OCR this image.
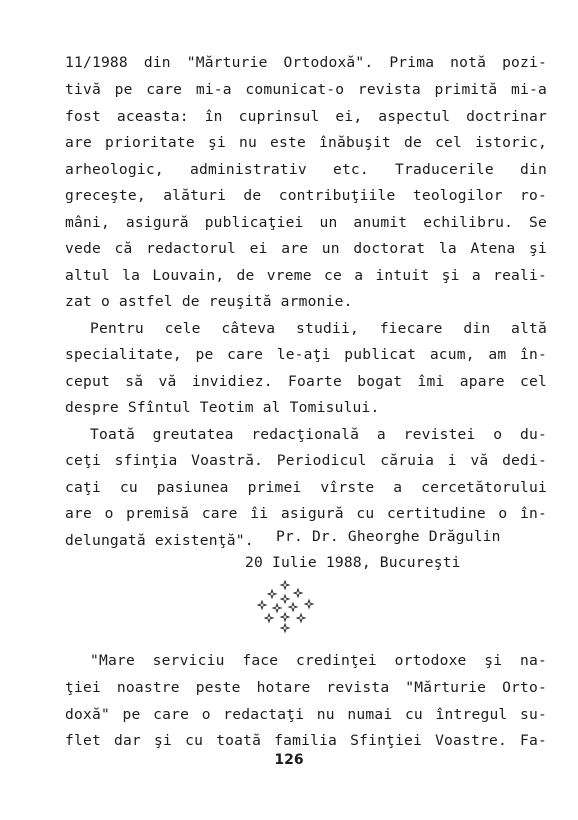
11/1988 din "Mărturie Ortodoxă". Prima notă pozi-
tivă pe care mi-a comunicat-o revista primită mi-a
fost aceasta: în cuprinsul ei, aspectul doctrinar
are prioritate şi nu este înăbuşit de cel istoric,
arheologic, administrativ etc. Traducerile din
greceşte, alături de contribuţiile teologilor ro-
mâni, asigură publicaţiei un anumit echilibru. Se
vede că redactorul ei are un doctorat la Atena şi
altul la Louvain, de vreme ce a intuit şi a reali-
zat o astfel de reuşită armonie.
Pentru cele câteva studii, fiecare din altă
specialitate, pe care le-aţi publicat acum, am în-
ceput să vă invidiez. Foarte bogat îmi apare cel
despre Sfîntul Teotim al Tomisului.
Toată greutatea redacţională a revistei o du-
ceţi sfinţia Voastră. Periodicul căruia i vă dedi-
caţi cu pasiunea primei vîrste a cercetătorului
are o premisă care îi asigură cu certitudine o în-
delungată existenţă".	Pr. Dr. Gheorghe Drăgulin
20 Iulie 1988, Bucureşti
"Mare serviciu face credinţei ortodoxe şi na-
ţiei noastre peste hotare revista "Mărturie Orto-
doxă" pe care o redactaţi nu numai cu întregul su-
flet dar şi cu toată familia Sfinţiei Voastre. Fa-
126
